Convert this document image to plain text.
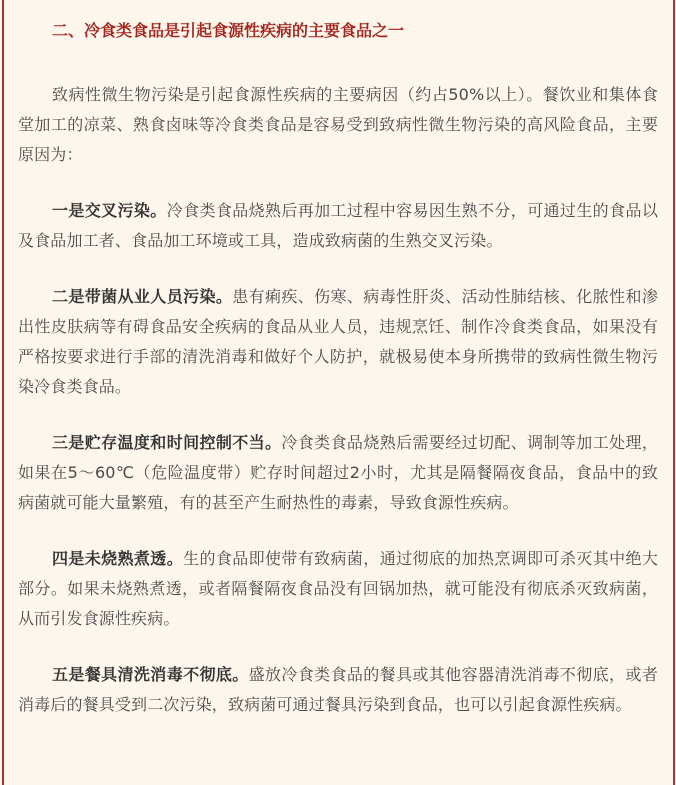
二、冷食类食品是引起食源性疾病的主要食品之一

致病性微生物污染是引起食源性疾病的主要病因（约占50%以上）。餐饮业和集体食堂加工的凉菜、熟食卤味等冷食类食品是容易受到致病性微生物污染的高风险食品，主要原因为：

一是交叉污染。冷食类食品烧熟后再加工过程中容易因生熟不分，可通过生的食品以及食品加工者、食品加工环境或工具，造成致病菌的生熟交叉污染。

二是带菌从业人员污染。患有痢疾、伤寒、病毒性肝炎、活动性肺结核、化脓性和渗出性皮肤病等有碍食品安全疾病的食品从业人员，违规烹饪、制作冷食类食品，如果没有严格按要求进行手部的清洗消毒和做好个人防护，就极易使本身所携带的致病性微生物污染冷食类食品。

三是贮存温度和时间控制不当。冷食类食品烧熟后需要经过切配、调制等加工处理，如果在5～60℃（危险温度带）贮存时间超过2小时，尤其是隔餐隔夜食品，食品中的致病菌就可能大量繁殖，有的甚至产生耐热性的毒素，导致食源性疾病。

四是未烧熟煮透。生的食品即使带有致病菌，通过彻底的加热烹调即可杀灭其中绝大部分。如果未烧熟煮透，或者隔餐隔夜食品没有回锅加热，就可能没有彻底杀灭致病菌，从而引发食源性疾病。

五是餐具清洗消毒不彻底。盛放冷食类食品的餐具或其他容器清洗消毒不彻底，或者消毒后的餐具受到二次污染，致病菌可通过餐具污染到食品，也可以引起食源性疾病。
